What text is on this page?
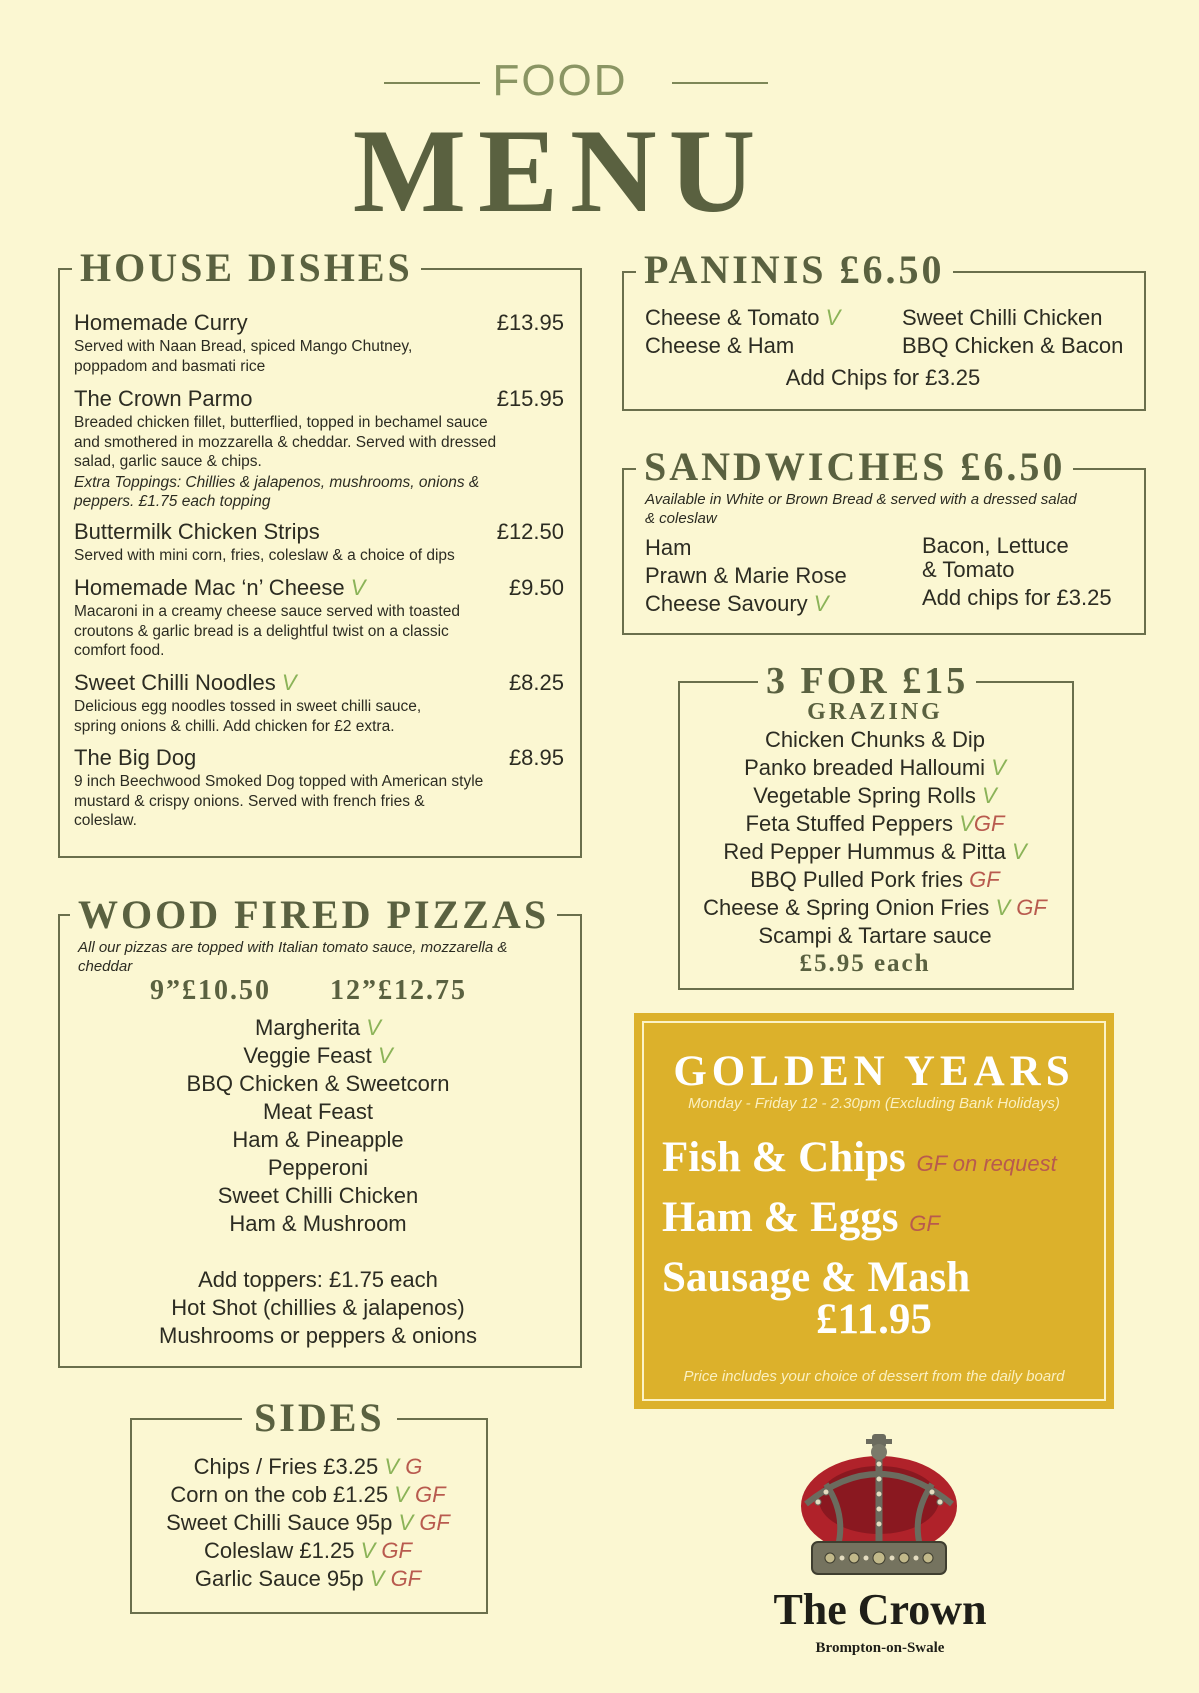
FOOD
MENU
HOUSE DISHES
Homemade Curry	£13.95
Served with Naan Bread, spiced Mango Chutney, poppadom and basmati rice
The Crown Parmo	£15.95
Breaded chicken fillet, butterflied, topped in bechamel sauce and smothered in mozzarella & cheddar. Served with dressed salad, garlic sauce & chips.
Extra Toppings: Chillies & jalapenos, mushrooms, onions & peppers. £1.75 each topping
Buttermilk Chicken Strips	£12.50
Served with mini corn, fries, coleslaw & a choice of dips
Homemade Mac ‘n’ Cheese V	£9.50
Macaroni in a creamy cheese sauce served with toasted croutons & garlic bread is a delightful twist on a classic comfort food.
Sweet Chilli Noodles V	£8.25
Delicious egg noodles tossed in sweet chilli sauce, spring onions & chilli. Add chicken for £2 extra.
The Big Dog	£8.95
9 inch Beechwood Smoked Dog topped with American style mustard & crispy onions. Served with french fries & coleslaw.
WOOD FIRED PIZZAS
All our pizzas are topped with Italian tomato sauce, mozzarella & cheddar
9”£10.50 12”£12.75
Margherita V
Veggie Feast V
BBQ Chicken & Sweetcorn
Meat Feast
Ham & Pineapple
Pepperoni
Sweet Chilli Chicken
Ham & Mushroom
Add toppers: £1.75 each
Hot Shot (chillies & jalapenos)
Mushrooms or peppers & onions
SIDES
Chips / Fries £3.25 V G
Corn on the cob £1.25 V GF
Sweet Chilli Sauce 95p V GF
Coleslaw £1.25 V GF
Garlic Sauce 95p V GF
PANINIS £6.50
Cheese & Tomato V
Cheese & Ham
Sweet Chilli Chicken
BBQ Chicken & Bacon
Add Chips for £3.25
SANDWICHES £6.50
Available in White or Brown Bread & served with a dressed salad & coleslaw
Ham
Prawn & Marie Rose
Cheese Savoury V
Bacon, Lettuce
& Tomato
Add chips for £3.25
3 FOR £15
GRAZING
Chicken Chunks & Dip
Panko breaded Halloumi V
Vegetable Spring Rolls V
Feta Stuffed Peppers VGF
Red Pepper Hummus & Pitta V
BBQ Pulled Pork fries GF
Cheese & Spring Onion Fries V GF
Scampi & Tartare sauce
£5.95 each
GOLDEN YEARS
Monday - Friday 12 - 2.30pm (Excluding Bank Holidays)
Fish & Chips GF on request
Ham & Eggs GF
Sausage & Mash
£11.95
Price includes your choice of dessert from the daily board
The Crown
Brompton-on-Swale
